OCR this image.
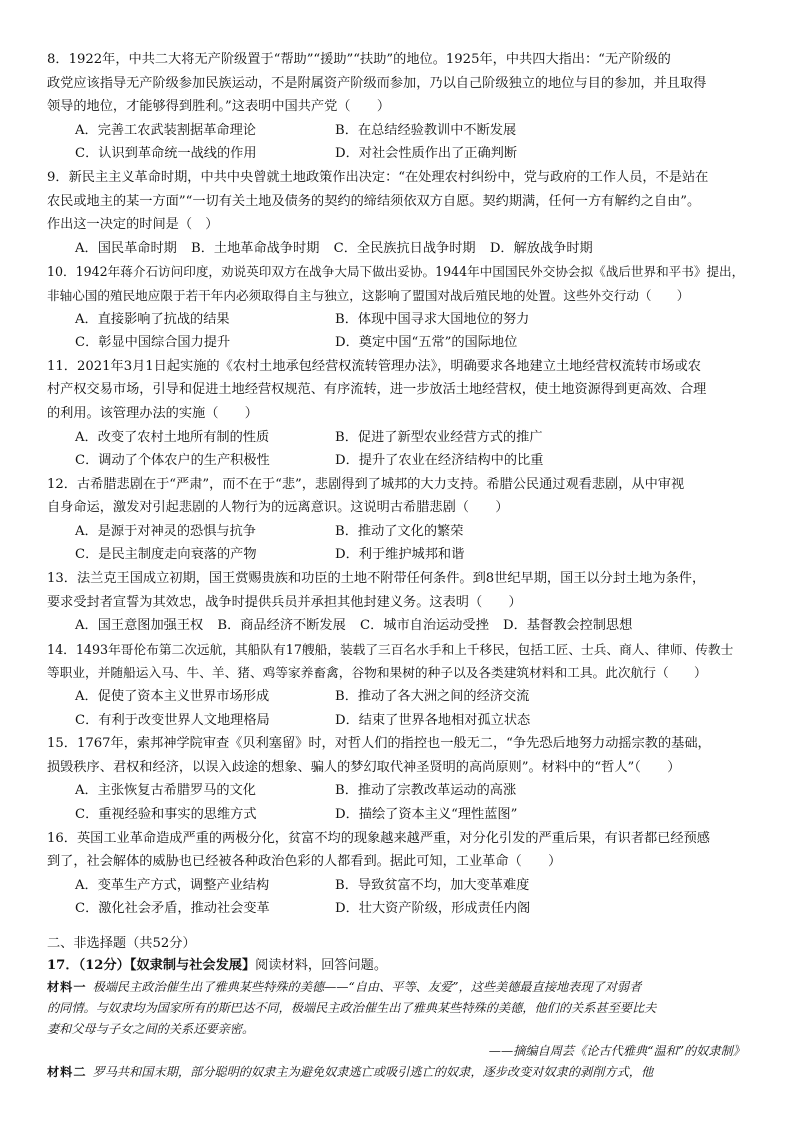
8．1922年，中共二大将无产阶级置于“帮助”“援助”“扶助”的地位。1925年，中共四大指出：“无产阶级的
政党应该指导无产阶级参加民族运动，不是附属资产阶级而参加，乃以自己阶级独立的地位与目的参加，并且取得
领导的地位，才能够得到胜利。”这表明中国共产党（　　）
A．完善工农武装割据革命理论	B．在总结经验教训中不断发展
C．认识到革命统一战线的作用	D．对社会性质作出了正确判断
9．新民主主义革命时期，中共中央曾就土地政策作出决定：“在处理农村纠纷中，党与政府的工作人员，不是站在
农民或地主的某一方面”“一切有关土地及债务的契约的缔结须依双方自愿。契约期满，任何一方有解约之自由”。
作出这一决定的时间是（　）
A．国民革命时期 B．土地革命战争时期 C．全民族抗日战争时期 D．解放战争时期
10．1942年蒋介石访问印度，劝说英印双方在战争大局下做出妥协。1944年中国国民外交协会拟《战后世界和平书》提出，
非轴心国的殖民地应限于若干年内必须取得自主与独立，这影响了盟国对战后殖民地的处置。这些外交行动（　　）
A．直接影响了抗战的结果	B．体现中国寻求大国地位的努力
C．彰显中国综合国力提升	D．奠定中国“五常”的国际地位
11．2021年3月1日起实施的《农村土地承包经营权流转管理办法》，明确要求各地建立土地经营权流转市场或农
村产权交易市场，引导和促进土地经营权规范、有序流转，进一步放活土地经营权，使土地资源得到更高效、合理
的利用。该管理办法的实施（　　）
A．改变了农村土地所有制的性质	B．促进了新型农业经营方式的推广
C．调动了个体农户的生产积极性	D．提升了农业在经济结构中的比重
12．古希腊悲剧在于“严肃”，而不在于“悲”，悲剧得到了城邦的大力支持。希腊公民通过观看悲剧，从中审视
自身命运，激发对引起悲剧的人物行为的远离意识。这说明古希腊悲剧（　　）
A．是源于对神灵的恐惧与抗争	B．推动了文化的繁荣
C．是民主制度走向衰落的产物	D．利于维护城邦和谐
13．法兰克王国成立初期，国王赏赐贵族和功臣的土地不附带任何条件。到8世纪早期，国王以分封土地为条件，
要求受封者宣誓为其效忠，战争时提供兵员并承担其他封建义务。这表明（　　）
A．国王意图加强王权 B．商品经济不断发展 C．城市自治运动受挫 D．基督教会控制思想
14．1493年哥伦布第二次远航，其船队有17艘船，装载了三百名水手和上千移民，包括工匠、士兵、商人、律师、传教士
等职业，并随船运入马、牛、羊、猪、鸡等家养畜禽，谷物和果树的种子以及各类建筑材料和工具。此次航行（　　）
A．促使了资本主义世界市场形成	B．推动了各大洲之间的经济交流
C．有利于改变世界人文地理格局	D．结束了世界各地相对孤立状态
15．1767年，索邦神学院审查《贝利塞留》时，对哲人们的指控也一般无二，“争先恐后地努力动摇宗教的基础，
损毁秩序、君权和经济，以误入歧途的想象、骗人的梦幻取代神圣贤明的高尚原则”。材料中的“哲人”（　　）
A．主张恢复古希腊罗马的文化	B．推动了宗教改革运动的高涨
C．重视经验和事实的思维方式	D．描绘了资本主义“理性蓝图”
16．英国工业革命造成严重的两极分化，贫富不均的现象越来越严重，对分化引发的严重后果，有识者都已经预感
到了，社会解体的威胁也已经被各种政治色彩的人都看到。据此可知，工业革命（　　）
A．变革生产方式，调整产业结构	B．导致贫富不均，加大变革难度
C．激化社会矛盾，推动社会变革	D．壮大资产阶级，形成责任内阁
二、非选择题（共52分）
17．（12分）【奴隶制与社会发展】阅读材料，回答问题。
材料一 极端民主政治催生出了雅典某些特殊的美德——“自由、平等、友爱”，这些美德最直接地表现了对弱者
的同情。与奴隶均为国家所有的斯巴达不同，极端民主政治催生出了雅典某些特殊的美德，他们的关系甚至要比夫
妻和父母与子女之间的关系还要亲密。
——摘编自周芸《论古代雅典“温和”的奴隶制》
材料二 罗马共和国末期，部分聪明的奴隶主为避免奴隶逃亡或吸引逃亡的奴隶，逐步改变对奴隶的剥削方式，他
